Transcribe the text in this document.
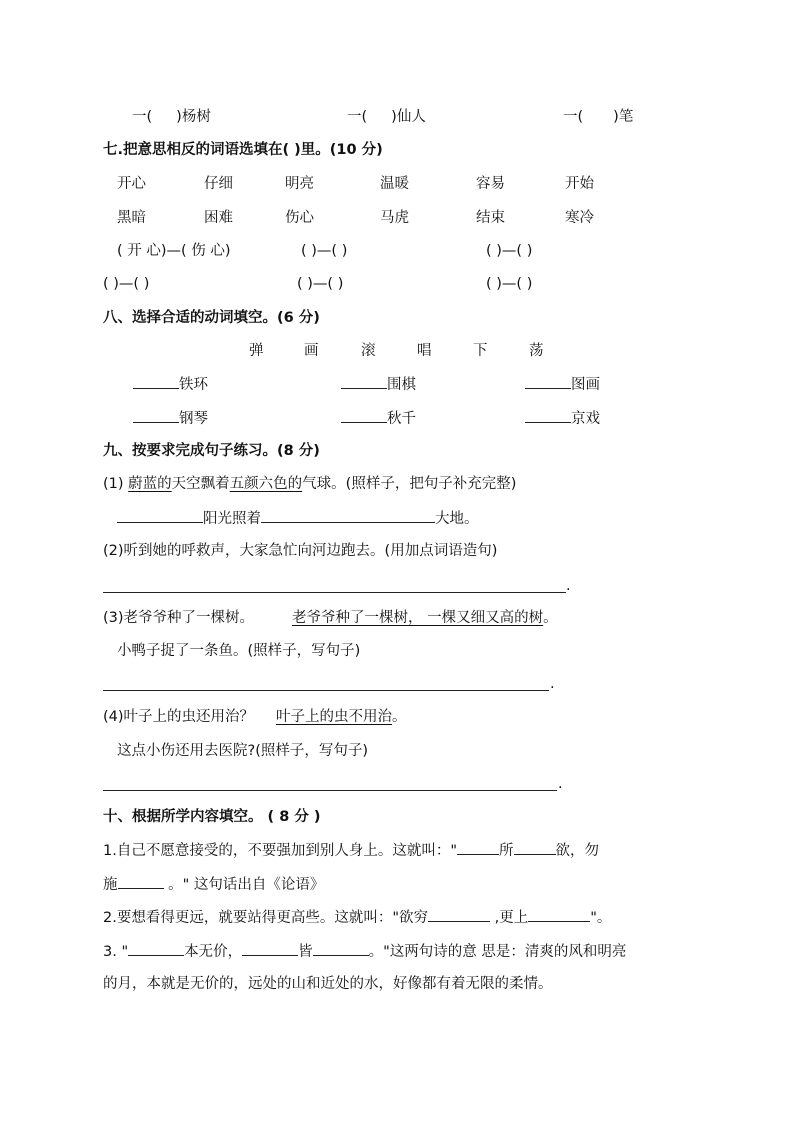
一( )杨树	一( )仙人	一( )笔
七.把意思相反的词语选填在( )里。(10 分)
开心	仔细	明亮	温暖	容易	开始
黑暗	困难	伤心	马虎	结束	寒冷
( 开 心)—( 伤 心)	( )—( )	( )—( )
( )—( )	( )—( )	( )—( )
八、选择合适的动词填空。(6 分)
弹	画	滚	唱	下	荡
铁环	围棋	图画
钢琴	秋千	京戏
九、按要求完成句子练习。(8 分)
(1) 蔚蓝的天空飘着五颜六色的气球。(照样子，把句子补充完整)
阳光照着	大地。
(2)听到她的呼救声，大家急忙向河边跑去。(用加点词语造句)
.
(3)老爷爷种了一棵树。	老爷爷种了一棵树， 一棵又细又高的树。
小鸭子捉了一条鱼。(照样子，写句子)
.
(4)叶子上的虫还用治？ 叶子上的虫不用治。
这点小伤还用去医院?(照样子，写句子)
.
十、根据所学内容填空。 ( 8 分 )
1.自己不愿意接受的，不要强加到别人身上。这就叫："	所	欲，勿
施	。" 这句话出自《论语》
2.要想看得更远，就要站得更高些。这就叫："欲穷	,更上	"。
3. "	本无价，	皆	。"这两句诗的意 思是：清爽的风和明亮
的月，本就是无价的，远处的山和近处的水，好像都有着无限的柔情。
